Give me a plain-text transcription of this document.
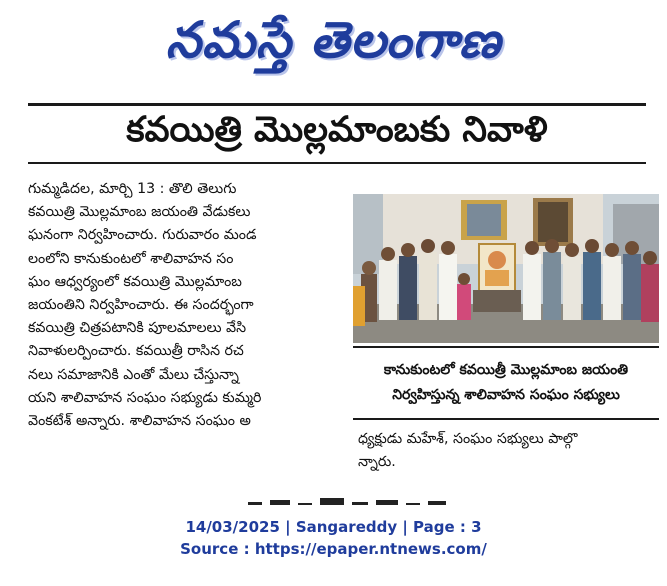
నమస్తే తెలంగాణ
కవయిత్రి మొల్లమాంబకు నివాళి
గుమ్మడిదల, మార్చి 13 : తొలి తెలుగు
కవయిత్రి మొల్లమాంబ జయంతి వేడుకలు
ఘనంగా నిర్వహించారు. గురువారం మండ
లంలోని కానుకుంటలో శాలివాహన సం
ఘం ఆధ్వర్యంలో కవయిత్రి మొల్లమాంబ
జయంతిని నిర్వహించారు. ఈ సందర్భంగా
కవయిత్రి చిత్రపటానికి పూలమాలలు వేసి
నివాళులర్పించారు. కవయిత్రీ రాసిన రచ
నలు సమాజానికి ఎంతో మేలు చేస్తున్నా
యని శాలివాహన సంఘం సభ్యుడు కుమ్మరి
వెంకటేశ్ అన్నారు. శాలివాహన సంఘం అ
కానుకుంటలో కవయిత్రీ మొల్లమాంబ జయంతి
నిర్వహిస్తున్న శాలివాహన సంఘం సభ్యులు
ధ్యక్షుడు మహేశ్, సంఘం సభ్యులు పాల్గొ
న్నారు.
14/03/2025 | Sangareddy | Page : 3
Source : https://epaper.ntnews.com/
